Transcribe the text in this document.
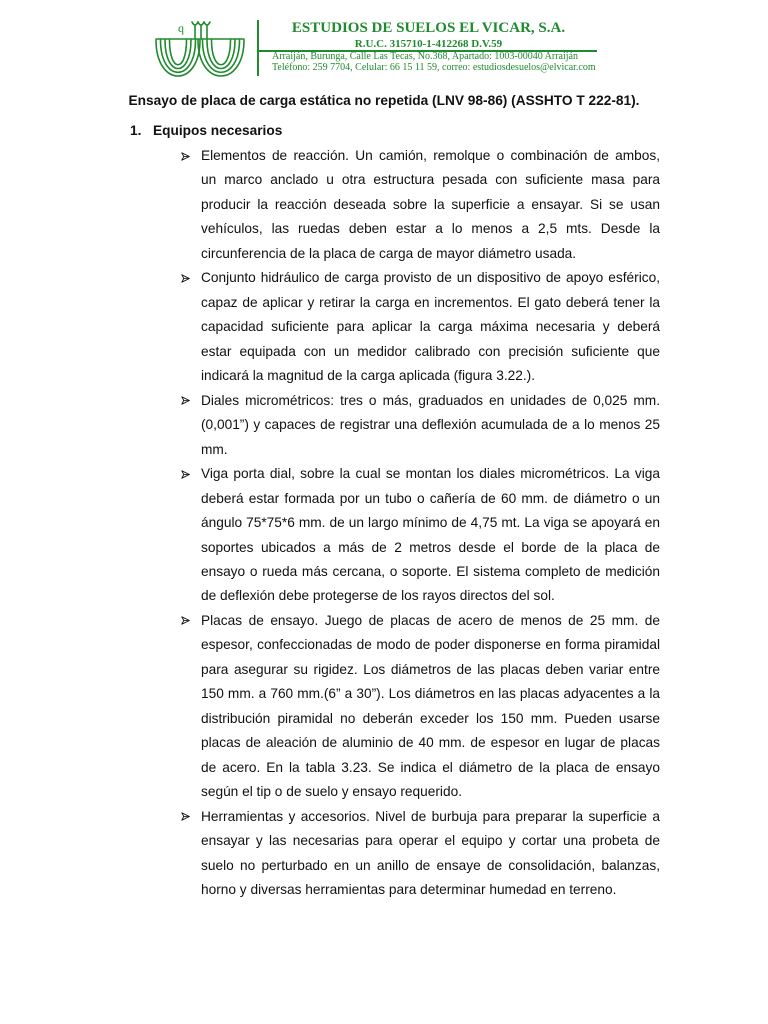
q	ESTUDIOS DE SUELOS EL VICAR, S.A.
R.U.C. 315710-1-412268 D.V.59
Arraiján, Burunga, Calle Las Tecas, No.368, Apartado: 1003-00040 Arraiján
Teléfono: 259 7704, Celular: 66 15 11 59, correo: estudiosdesuelos@elvicar.com
Ensayo de placa de carga estática no repetida (LNV 98-86) (ASSHTO T 222-81).
1. Equipos necesarios
Elementos de reacción. Un camión, remolque o combinación de ambos,
un marco anclado u otra estructura pesada con suficiente masa para
producir la reacción deseada sobre la superficie a ensayar. Si se usan
vehículos, las ruedas deben estar a lo menos a 2,5 mts. Desde la
circunferencia de la placa de carga de mayor diámetro usada.
Conjunto hidráulico de carga provisto de un dispositivo de apoyo esférico,
capaz de aplicar y retirar la carga en incrementos. El gato deberá tener la
capacidad suficiente para aplicar la carga máxima necesaria y deberá
estar equipada con un medidor calibrado con precisión suficiente que
indicará la magnitud de la carga aplicada (figura 3.22.).
Diales micrométricos: tres o más, graduados en unidades de 0,025 mm.
(0,001”) y capaces de registrar una deflexión acumulada de a lo menos 25
mm.
Viga porta dial, sobre la cual se montan los diales micrométricos. La viga
deberá estar formada por un tubo o cañería de 60 mm. de diámetro o un
ángulo 75*75*6 mm. de un largo mínimo de 4,75 mt. La viga se apoyará en
soportes ubicados a más de 2 metros desde el borde de la placa de
ensayo o rueda más cercana, o soporte. El sistema completo de medición
de deflexión debe protegerse de los rayos directos del sol.
Placas de ensayo. Juego de placas de acero de menos de 25 mm. de
espesor, confeccionadas de modo de poder disponerse en forma piramidal
para asegurar su rigidez. Los diámetros de las placas deben variar entre
150 mm. a 760 mm.(6” a 30”). Los diámetros en las placas adyacentes a la
distribución piramidal no deberán exceder los 150 mm. Pueden usarse
placas de aleación de aluminio de 40 mm. de espesor en lugar de placas
de acero. En la tabla 3.23. Se indica el diámetro de la placa de ensayo
según el tip o de suelo y ensayo requerido.
Herramientas y accesorios. Nivel de burbuja para preparar la superficie a
ensayar y las necesarias para operar el equipo y cortar una probeta de
suelo no perturbado en un anillo de ensaye de consolidación, balanzas,
horno y diversas herramientas para determinar humedad en terreno.
